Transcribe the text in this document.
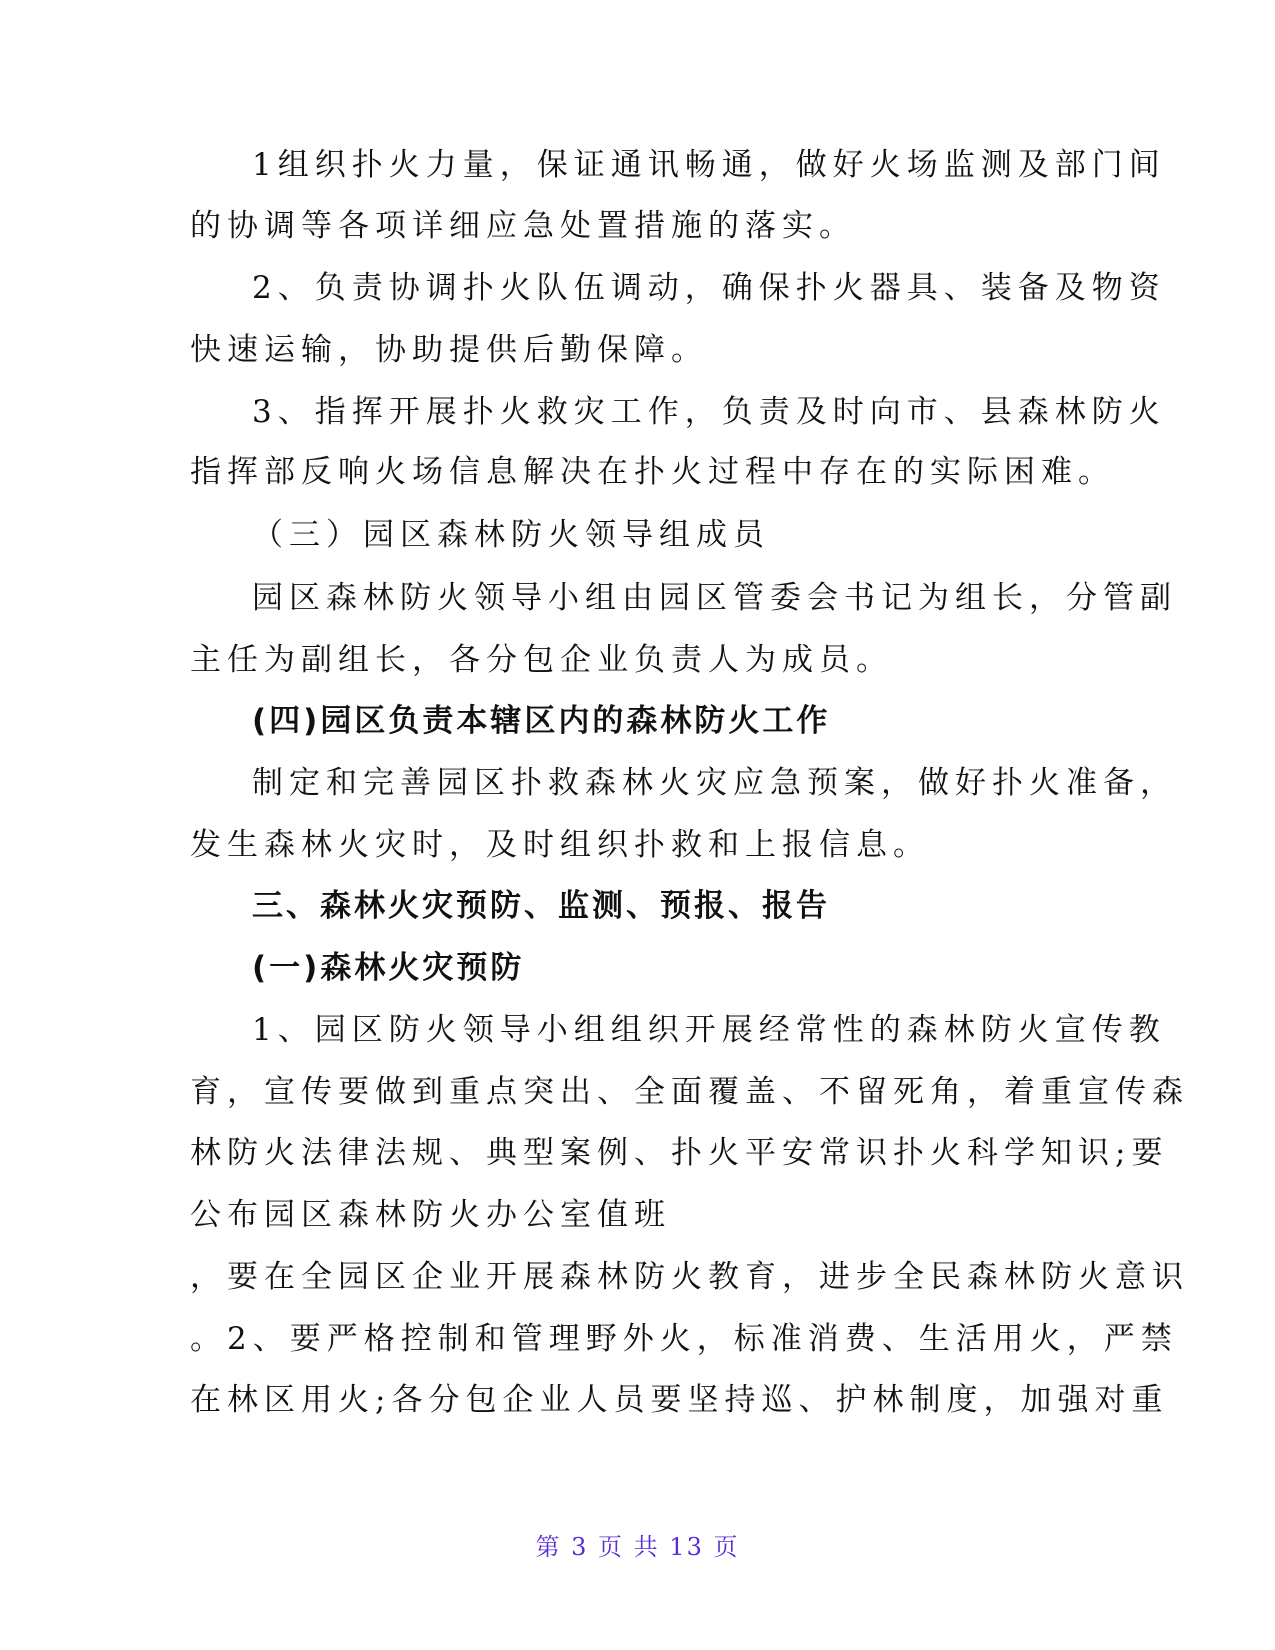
1组织扑火力量，保证通讯畅通，做好火场监测及部门间
的协调等各项详细应急处置措施的落实。
2、负责协调扑火队伍调动，确保扑火器具、装备及物资
快速运输，协助提供后勤保障。
3、指挥开展扑火救灾工作，负责及时向市、县森林防火
指挥部反响火场信息解决在扑火过程中存在的实际困难。
（三）园区森林防火领导组成员
园区森林防火领导小组由园区管委会书记为组长，分管副
主任为副组长，各分包企业负责人为成员。
(四)园区负责本辖区内的森林防火工作
制定和完善园区扑救森林火灾应急预案，做好扑火准备，
发生森林火灾时，及时组织扑救和上报信息。
三、森林火灾预防、监测、预报、报告
(一)森林火灾预防
1、园区防火领导小组组织开展经常性的森林防火宣传教
育，宣传要做到重点突出、全面覆盖、不留死角，着重宣传森
林防火法律法规、典型案例、扑火平安常识扑火科学知识;要
公布园区森林防火办公室值班
，要在全园区企业开展森林防火教育，进步全民森林防火意识
。2、要严格控制和管理野外火，标准消费、生活用火，严禁
在林区用火;各分包企业人员要坚持巡、护林制度，加强对重
第 3 页 共 13 页
